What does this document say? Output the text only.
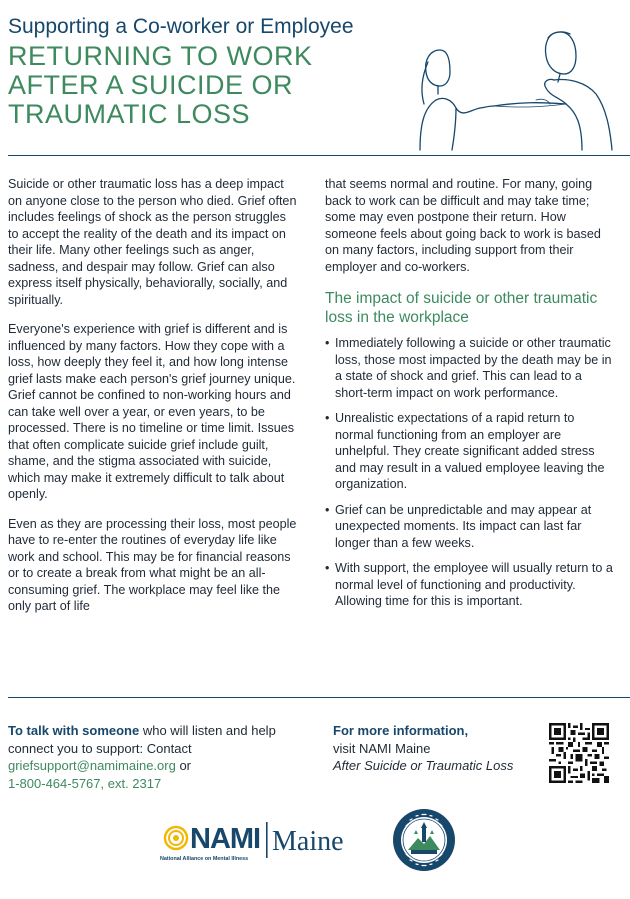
Supporting a Co-worker or Employee

RETURNING TO WORK
AFTER A SUICIDE OR
TRAUMATIC LOSS

Suicide or other traumatic loss has a deep impact on anyone close to the person who died. Grief often includes feelings of shock as the person struggles to accept the reality of the death and its impact on their life. Many other feelings such as anger, sadness, and despair may follow. Grief can also express itself physically, behaviorally, socially, and spiritually.

Everyone's experience with grief is different and is influenced by many factors. How they cope with a loss, how deeply they feel it, and how long intense grief lasts make each person's grief journey unique. Grief cannot be confined to non-working hours and can take well over a year, or even years, to be processed. There is no timeline or time limit. Issues that often complicate suicide grief include guilt, shame, and the stigma associated with suicide, which may make it extremely difficult to talk about openly.

Even as they are processing their loss, most people have to re-enter the routines of everyday life like work and school. This may be for financial reasons or to create a break from what might be an all-consuming grief. The workplace may feel like the only part of life

that seems normal and routine. For many, going back to work can be difficult and may take time; some may even postpone their return. How someone feels about going back to work is based on many factors, including support from their employer and co-workers.

The impact of suicide or other traumatic loss in the workplace
• Immediately following a suicide or other traumatic loss, those most impacted by the death may be in a state of shock and grief. This can lead to a short-term impact on work performance.
• Unrealistic expectations of a rapid return to normal functioning from an employer are unhelpful. They create significant added stress and may result in a valued employee leaving the organization.
• Grief can be unpredictable and may appear at unexpected moments. Its impact can last far longer than a few weeks.
• With support, the employee will usually return to a normal level of functioning and productivity. Allowing time for this is important.
To talk with someone who will listen and help connect you to support: Contact griefsupport@namimaine.org or
1-800-464-5767, ext. 2317
For more information,
visit NAMI Maine
After Suicide or Traumatic Loss
NAMI Maine
National Alliance on Mental Illness
